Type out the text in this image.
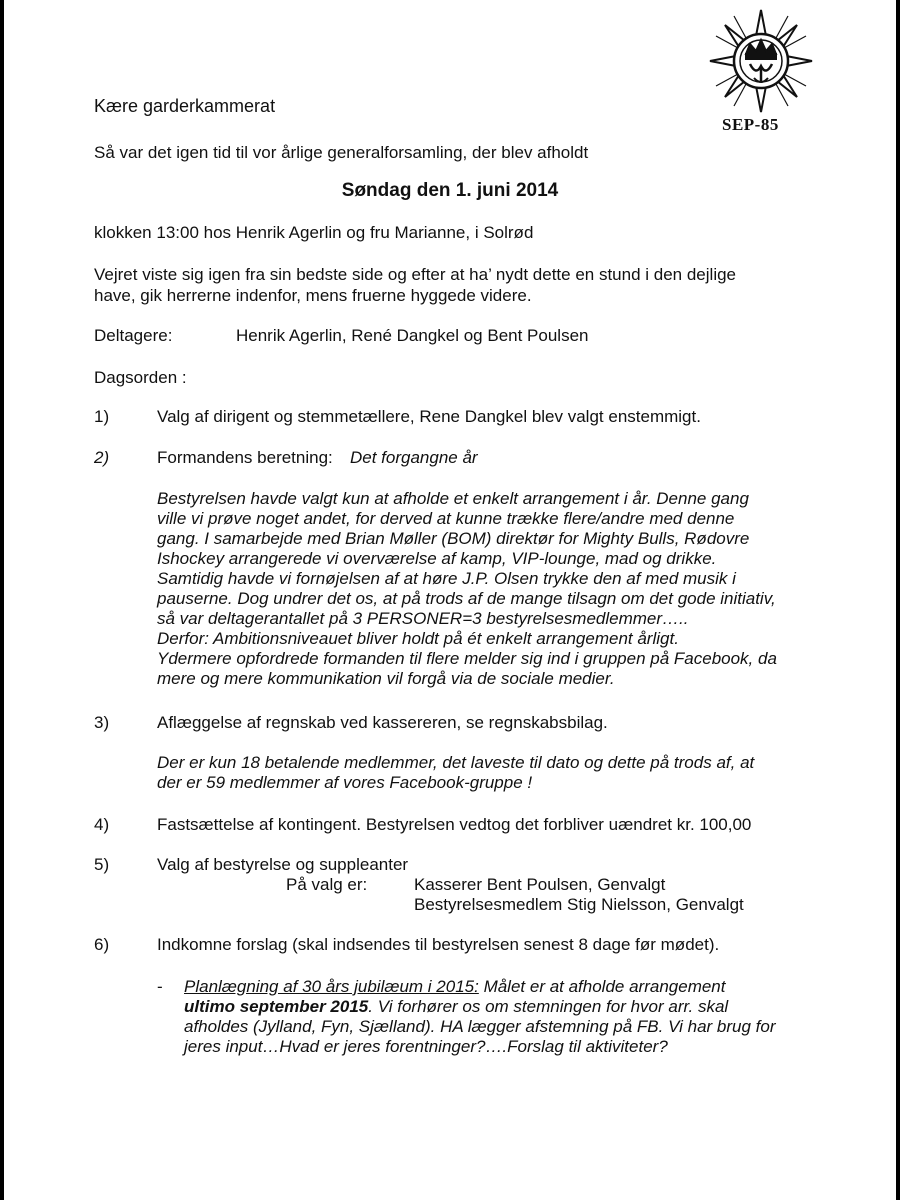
SEP-85
Kære garderkammerat
Så var det igen tid til vor årlige generalforsamling, der blev afholdt
Søndag den 1. juni 2014
klokken 13:00 hos Henrik Agerlin og fru Marianne, i Solrød
Vejret viste sig igen fra sin bedste side og efter at ha’ nydt dette en stund i den dejlige
have, gik herrerne indenfor, mens fruerne hyggede videre.
Deltagere:	Henrik Agerlin, René Dangkel og Bent Poulsen
Dagsorden :
1)	Valg af dirigent og stemmetællere, Rene Dangkel blev valgt enstemmigt.
2)	Formandens beretning: Det forgangne år
Bestyrelsen havde valgt kun at afholde et enkelt arrangement i år. Denne gang
ville vi prøve noget andet, for derved at kunne trække flere/andre med denne
gang. I samarbejde med Brian Møller (BOM) direktør for Mighty Bulls, Rødovre
Ishockey arrangerede vi overværelse af kamp, VIP-lounge, mad og drikke.
Samtidig havde vi fornøjelsen af at høre J.P. Olsen trykke den af med musik i
pauserne. Dog undrer det os, at på trods af de mange tilsagn om det gode initiativ,
så var deltagerantallet på 3 PERSONER=3 bestyrelsesmedlemmer…..
Derfor: Ambitionsniveauet bliver holdt på ét enkelt arrangement årligt.
Ydermere opfordrede formanden til flere melder sig ind i gruppen på Facebook, da
mere og mere kommunikation vil forgå via de sociale medier.
3)	Aflæggelse af regnskab ved kassereren, se regnskabsbilag.
Der er kun 18 betalende medlemmer, det laveste til dato og dette på trods af, at
der er 59 medlemmer af vores Facebook-gruppe !
4)	Fastsættelse af kontingent. Bestyrelsen vedtog det forbliver uændret kr. 100,00
5)	Valg af bestyrelse og suppleanter
På valg er:	Kasserer Bent Poulsen, Genvalgt
Bestyrelsesmedlem Stig Nielsson, Genvalgt
6)	Indkomne forslag (skal indsendes til bestyrelsen senest 8 dage før mødet).
- Planlægning af 30 års jubilæum i 2015: Målet er at afholde arrangement
ultimo september 2015. Vi forhører os om stemningen for hvor arr. skal
afholdes (Jylland, Fyn, Sjælland). HA lægger afstemning på FB. Vi har brug for
jeres input…Hvad er jeres forentninger?….Forslag til aktiviteter?
